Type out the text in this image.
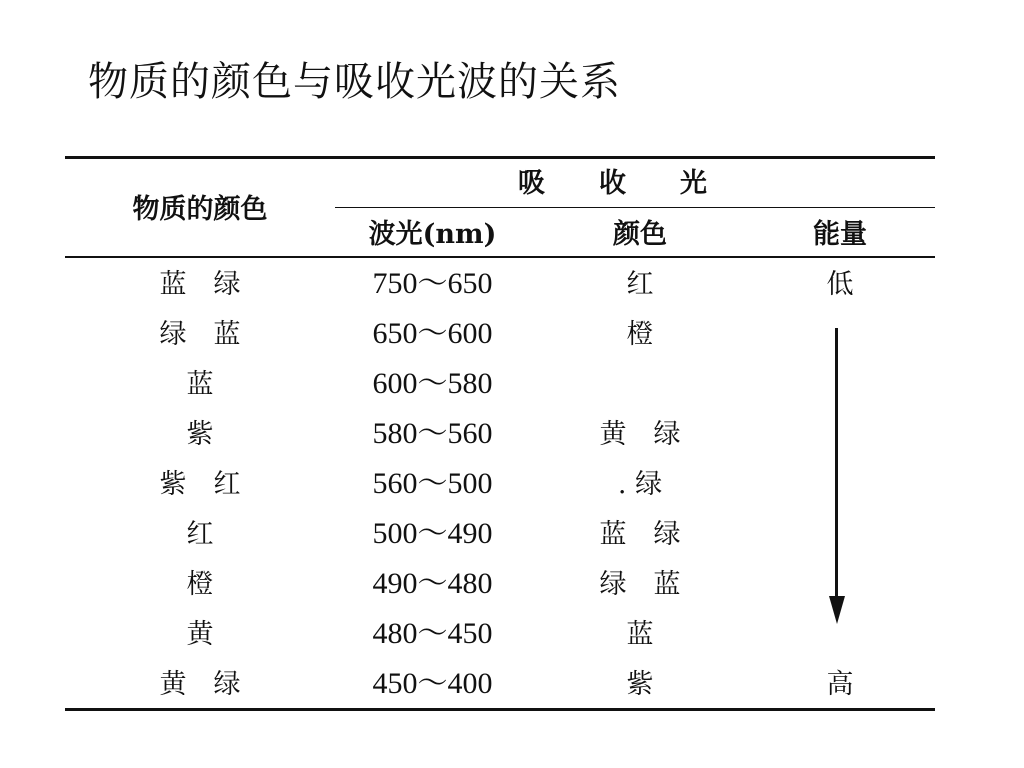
物质的颜色与吸收光波的关系
物质的颜色
吸　　收　　光
波光(nm)	颜色	能量
蓝　绿	750～650	红	低
绿　蓝	650～600	橙
蓝	600～580
紫	580～560	黄　绿
紫　红	560～500	. 绿
红	500～490	蓝　绿
橙	490～480	绿　蓝
黄	480～450	蓝
黄　绿	450～400	紫	高
